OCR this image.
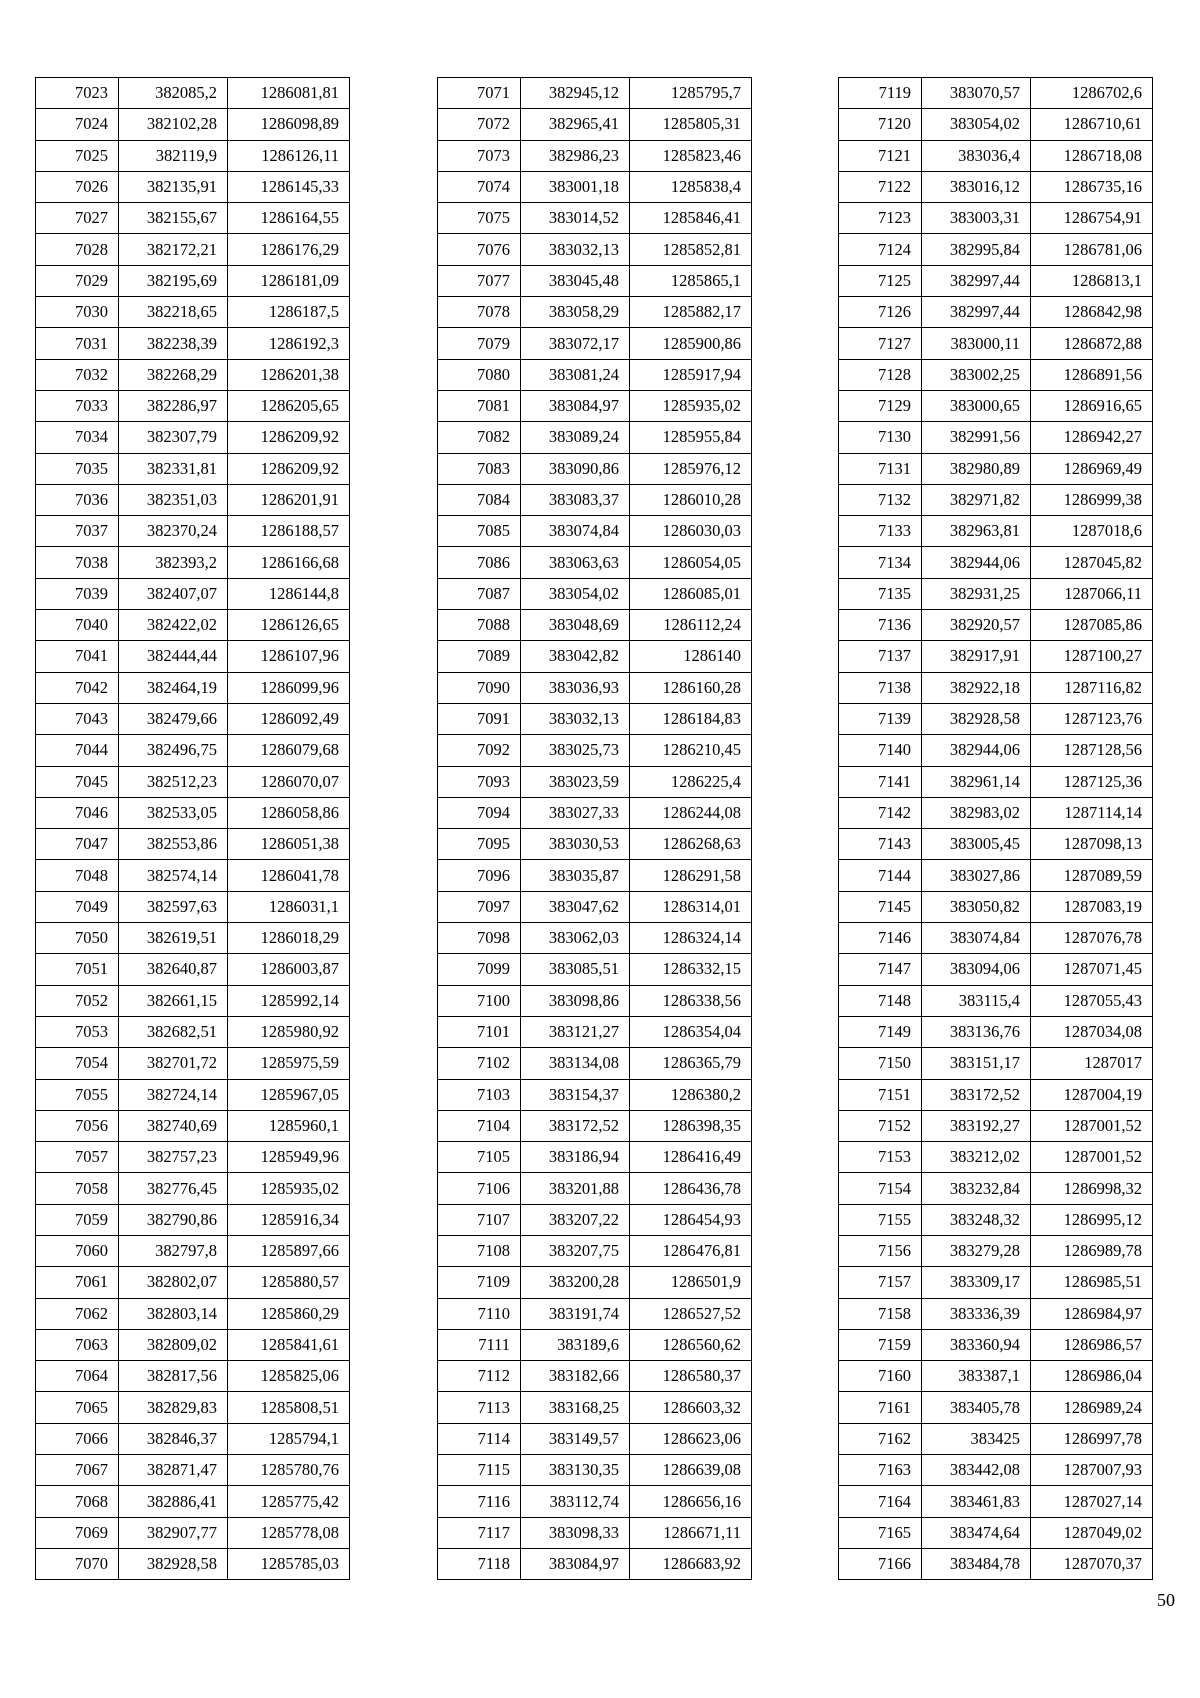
7023	382085,2	1286081,81
7024	382102,28	1286098,89
7025	382119,9	1286126,11
7026	382135,91	1286145,33
7027	382155,67	1286164,55
7028	382172,21	1286176,29
7029	382195,69	1286181,09
7030	382218,65	1286187,5
7031	382238,39	1286192,3
7032	382268,29	1286201,38
7033	382286,97	1286205,65
7034	382307,79	1286209,92
7035	382331,81	1286209,92
7036	382351,03	1286201,91
7037	382370,24	1286188,57
7038	382393,2	1286166,68
7039	382407,07	1286144,8
7040	382422,02	1286126,65
7041	382444,44	1286107,96
7042	382464,19	1286099,96
7043	382479,66	1286092,49
7044	382496,75	1286079,68
7045	382512,23	1286070,07
7046	382533,05	1286058,86
7047	382553,86	1286051,38
7048	382574,14	1286041,78
7049	382597,63	1286031,1
7050	382619,51	1286018,29
7051	382640,87	1286003,87
7052	382661,15	1285992,14
7053	382682,51	1285980,92
7054	382701,72	1285975,59
7055	382724,14	1285967,05
7056	382740,69	1285960,1
7057	382757,23	1285949,96
7058	382776,45	1285935,02
7059	382790,86	1285916,34
7060	382797,8	1285897,66
7061	382802,07	1285880,57
7062	382803,14	1285860,29
7063	382809,02	1285841,61
7064	382817,56	1285825,06
7065	382829,83	1285808,51
7066	382846,37	1285794,1
7067	382871,47	1285780,76
7068	382886,41	1285775,42
7069	382907,77	1285778,08
7070	382928,58	1285785,03
7071	382945,12	1285795,7
7072	382965,41	1285805,31
7073	382986,23	1285823,46
7074	383001,18	1285838,4
7075	383014,52	1285846,41
7076	383032,13	1285852,81
7077	383045,48	1285865,1
7078	383058,29	1285882,17
7079	383072,17	1285900,86
7080	383081,24	1285917,94
7081	383084,97	1285935,02
7082	383089,24	1285955,84
7083	383090,86	1285976,12
7084	383083,37	1286010,28
7085	383074,84	1286030,03
7086	383063,63	1286054,05
7087	383054,02	1286085,01
7088	383048,69	1286112,24
7089	383042,82	1286140
7090	383036,93	1286160,28
7091	383032,13	1286184,83
7092	383025,73	1286210,45
7093	383023,59	1286225,4
7094	383027,33	1286244,08
7095	383030,53	1286268,63
7096	383035,87	1286291,58
7097	383047,62	1286314,01
7098	383062,03	1286324,14
7099	383085,51	1286332,15
7100	383098,86	1286338,56
7101	383121,27	1286354,04
7102	383134,08	1286365,79
7103	383154,37	1286380,2
7104	383172,52	1286398,35
7105	383186,94	1286416,49
7106	383201,88	1286436,78
7107	383207,22	1286454,93
7108	383207,75	1286476,81
7109	383200,28	1286501,9
7110	383191,74	1286527,52
7111	383189,6	1286560,62
7112	383182,66	1286580,37
7113	383168,25	1286603,32
7114	383149,57	1286623,06
7115	383130,35	1286639,08
7116	383112,74	1286656,16
7117	383098,33	1286671,11
7118	383084,97	1286683,92
7119	383070,57	1286702,6
7120	383054,02	1286710,61
7121	383036,4	1286718,08
7122	383016,12	1286735,16
7123	383003,31	1286754,91
7124	382995,84	1286781,06
7125	382997,44	1286813,1
7126	382997,44	1286842,98
7127	383000,11	1286872,88
7128	383002,25	1286891,56
7129	383000,65	1286916,65
7130	382991,56	1286942,27
7131	382980,89	1286969,49
7132	382971,82	1286999,38
7133	382963,81	1287018,6
7134	382944,06	1287045,82
7135	382931,25	1287066,11
7136	382920,57	1287085,86
7137	382917,91	1287100,27
7138	382922,18	1287116,82
7139	382928,58	1287123,76
7140	382944,06	1287128,56
7141	382961,14	1287125,36
7142	382983,02	1287114,14
7143	383005,45	1287098,13
7144	383027,86	1287089,59
7145	383050,82	1287083,19
7146	383074,84	1287076,78
7147	383094,06	1287071,45
7148	383115,4	1287055,43
7149	383136,76	1287034,08
7150	383151,17	1287017
7151	383172,52	1287004,19
7152	383192,27	1287001,52
7153	383212,02	1287001,52
7154	383232,84	1286998,32
7155	383248,32	1286995,12
7156	383279,28	1286989,78
7157	383309,17	1286985,51
7158	383336,39	1286984,97
7159	383360,94	1286986,57
7160	383387,1	1286986,04
7161	383405,78	1286989,24
7162	383425	1286997,78
7163	383442,08	1287007,93
7164	383461,83	1287027,14
7165	383474,64	1287049,02
7166	383484,78	1287070,37
50
